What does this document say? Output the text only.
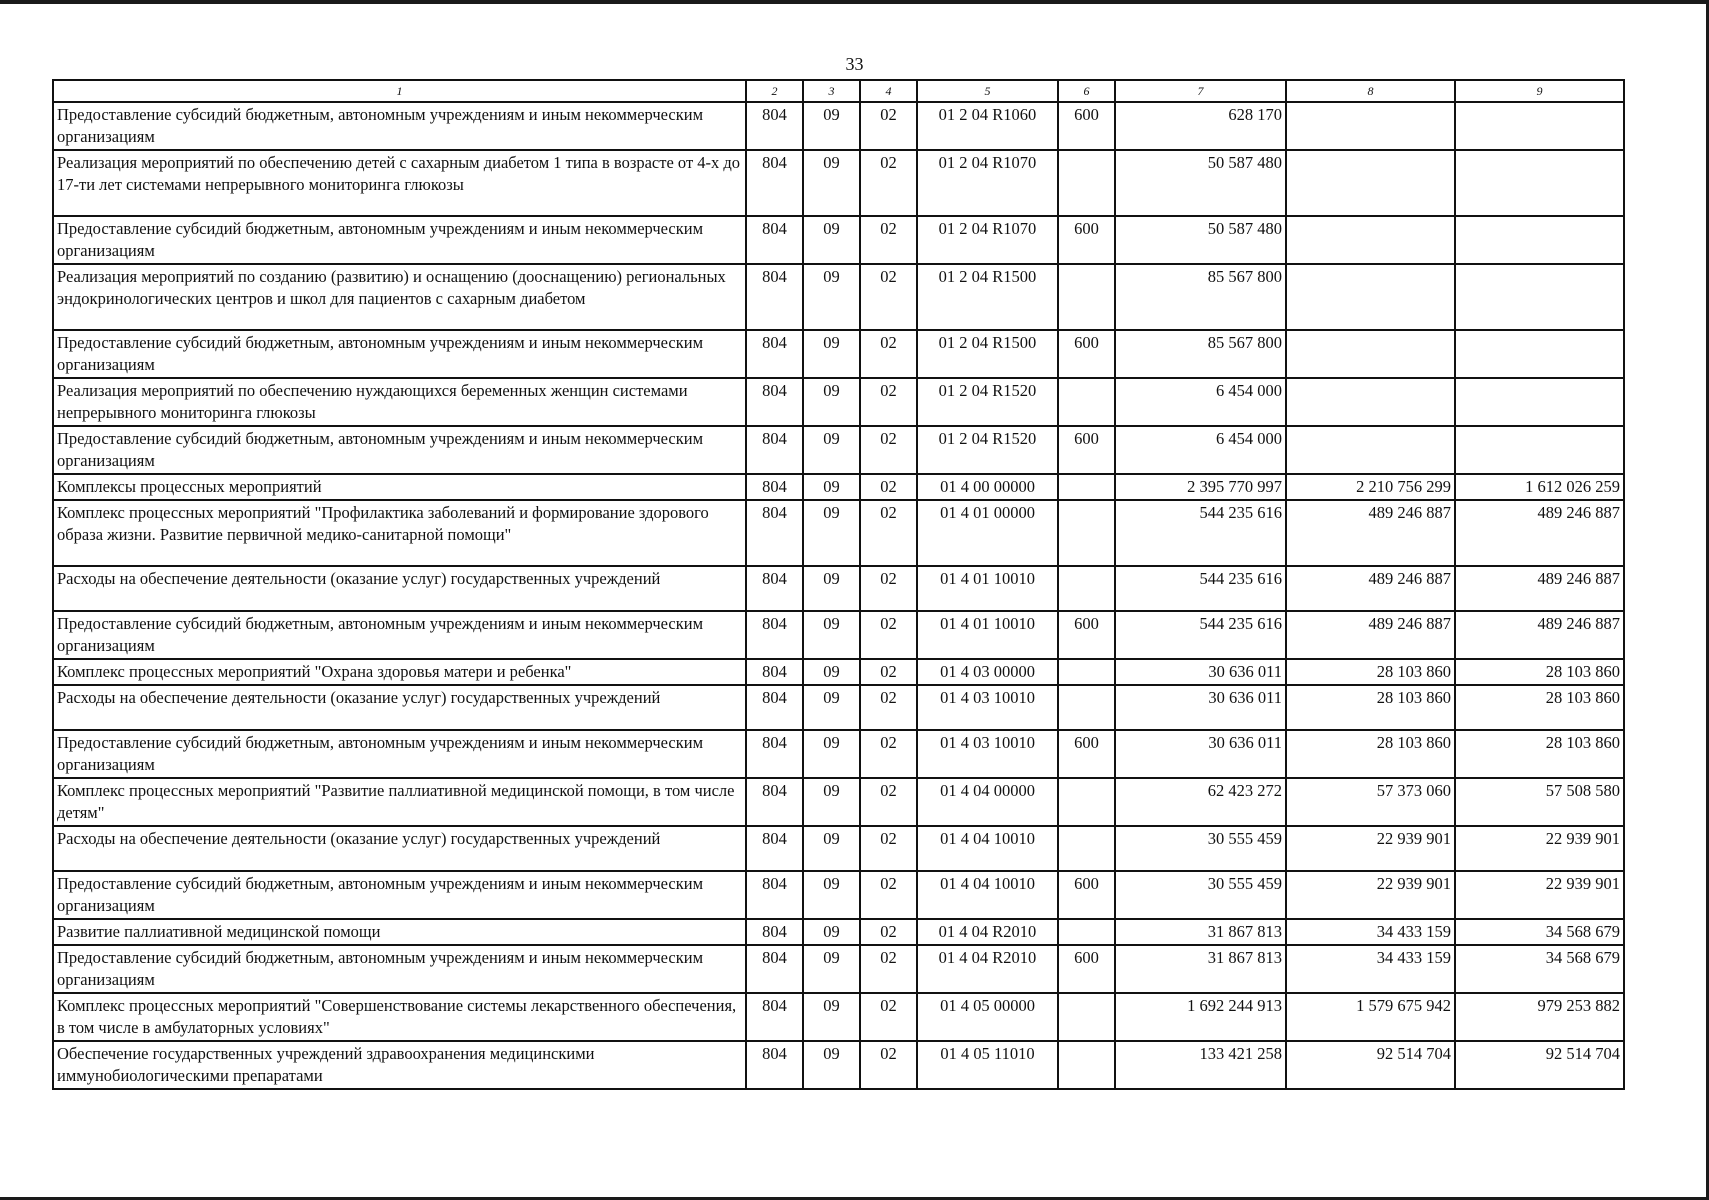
33
1	2	3	4	5	6	7	8	9
Предоставление субсидий бюджетным, автономным учреждениям и иным некоммерческим организациям	804	09	02	01 2 04 R1060	600	628 170		
Реализация мероприятий по обеспечению детей с сахарным диабетом 1 типа в возрасте от 4-х до 17-ти лет системами непрерывного мониторинга глюкозы	804	09	02	01 2 04 R1070		50 587 480		
Предоставление субсидий бюджетным, автономным учреждениям и иным некоммерческим организациям	804	09	02	01 2 04 R1070	600	50 587 480		
Реализация мероприятий по созданию (развитию) и оснащению (дооснащению) региональных эндокринологических центров и школ для пациентов с сахарным диабетом	804	09	02	01 2 04 R1500		85 567 800		
Предоставление субсидий бюджетным, автономным учреждениям и иным некоммерческим организациям	804	09	02	01 2 04 R1500	600	85 567 800		
Реализация мероприятий по обеспечению нуждающихся беременных женщин системами непрерывного мониторинга глюкозы	804	09	02	01 2 04 R1520		6 454 000		
Предоставление субсидий бюджетным, автономным учреждениям и иным некоммерческим организациям	804	09	02	01 2 04 R1520	600	6 454 000		
Комплексы процессных мероприятий	804	09	02	01 4 00 00000		2 395 770 997	2 210 756 299	1 612 026 259
Комплекс процессных мероприятий "Профилактика заболеваний и формирование здорового образа жизни. Развитие первичной медико-санитарной помощи"	804	09	02	01 4 01 00000		544 235 616	489 246 887	489 246 887
Расходы на обеспечение деятельности (оказание услуг) государственных учреждений	804	09	02	01 4 01 10010		544 235 616	489 246 887	489 246 887
Предоставление субсидий бюджетным, автономным учреждениям и иным некоммерческим организациям	804	09	02	01 4 01 10010	600	544 235 616	489 246 887	489 246 887
Комплекс процессных мероприятий "Охрана здоровья матери и ребенка"	804	09	02	01 4 03 00000		30 636 011	28 103 860	28 103 860
Расходы на обеспечение деятельности (оказание услуг) государственных учреждений	804	09	02	01 4 03 10010		30 636 011	28 103 860	28 103 860
Предоставление субсидий бюджетным, автономным учреждениям и иным некоммерческим организациям	804	09	02	01 4 03 10010	600	30 636 011	28 103 860	28 103 860
Комплекс процессных мероприятий "Развитие паллиативной медицинской помощи, в том числе детям"	804	09	02	01 4 04 00000		62 423 272	57 373 060	57 508 580
Расходы на обеспечение деятельности (оказание услуг) государственных учреждений	804	09	02	01 4 04 10010		30 555 459	22 939 901	22 939 901
Предоставление субсидий бюджетным, автономным учреждениям и иным некоммерческим организациям	804	09	02	01 4 04 10010	600	30 555 459	22 939 901	22 939 901
Развитие паллиативной медицинской помощи	804	09	02	01 4 04 R2010		31 867 813	34 433 159	34 568 679
Предоставление субсидий бюджетным, автономным учреждениям и иным некоммерческим организациям	804	09	02	01 4 04 R2010	600	31 867 813	34 433 159	34 568 679
Комплекс процессных мероприятий "Совершенствование системы лекарственного обеспечения, в том числе в амбулаторных условиях"	804	09	02	01 4 05 00000		1 692 244 913	1 579 675 942	979 253 882
Обеспечение государственных учреждений здравоохранения медицинскими иммунобиологическими препаратами	804	09	02	01 4 05 11010		133 421 258	92 514 704	92 514 704
